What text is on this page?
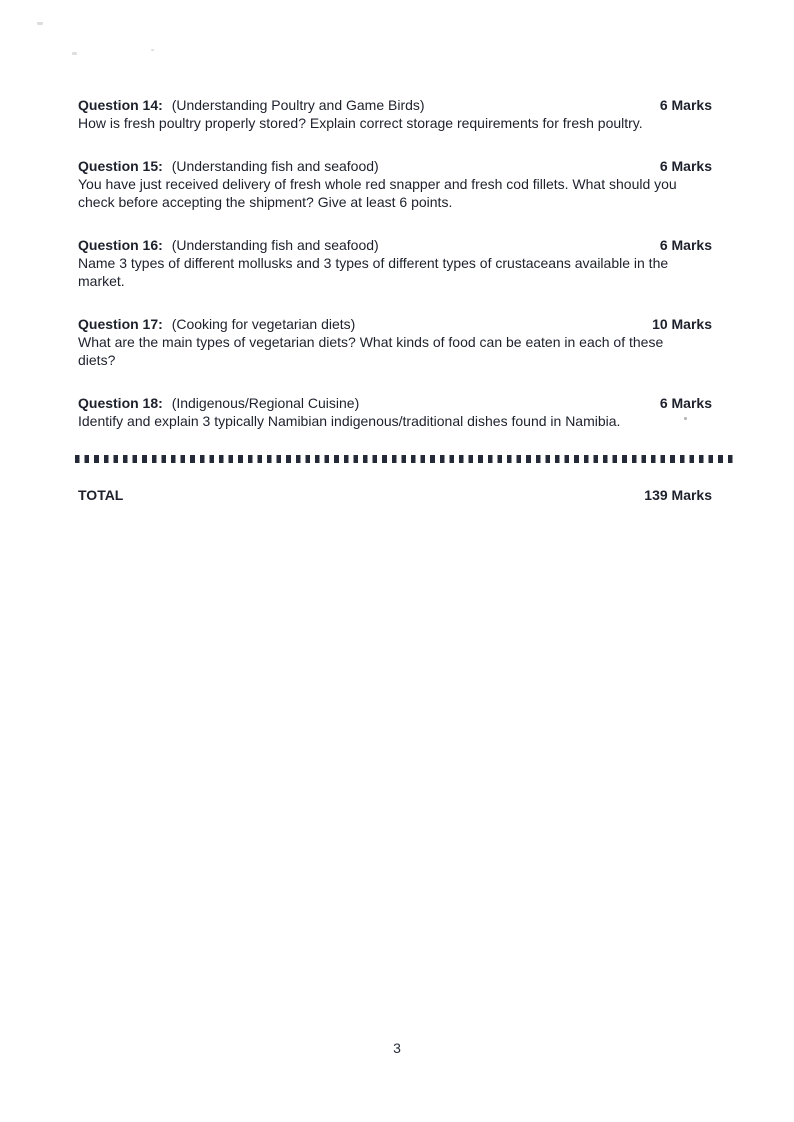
Question 14: (Understanding Poultry and Game Birds)	6 Marks
How is fresh poultry properly stored? Explain correct storage requirements for fresh poultry.
Question 15: (Understanding fish and seafood)	6 Marks
You have just received delivery of fresh whole red snapper and fresh cod fillets. What should you
check before accepting the shipment? Give at least 6 points.
Question 16: (Understanding fish and seafood)	6 Marks
Name 3 types of different mollusks and 3 types of different types of crustaceans available in the
market.
Question 17: (Cooking for vegetarian diets)	10 Marks
What are the main types of vegetarian diets? What kinds of food can be eaten in each of these
diets?
Question 18: (Indigenous/Regional Cuisine)	6 Marks
Identify and explain 3 typically Namibian indigenous/traditional dishes found in Namibia.
TOTAL	139 Marks
3
